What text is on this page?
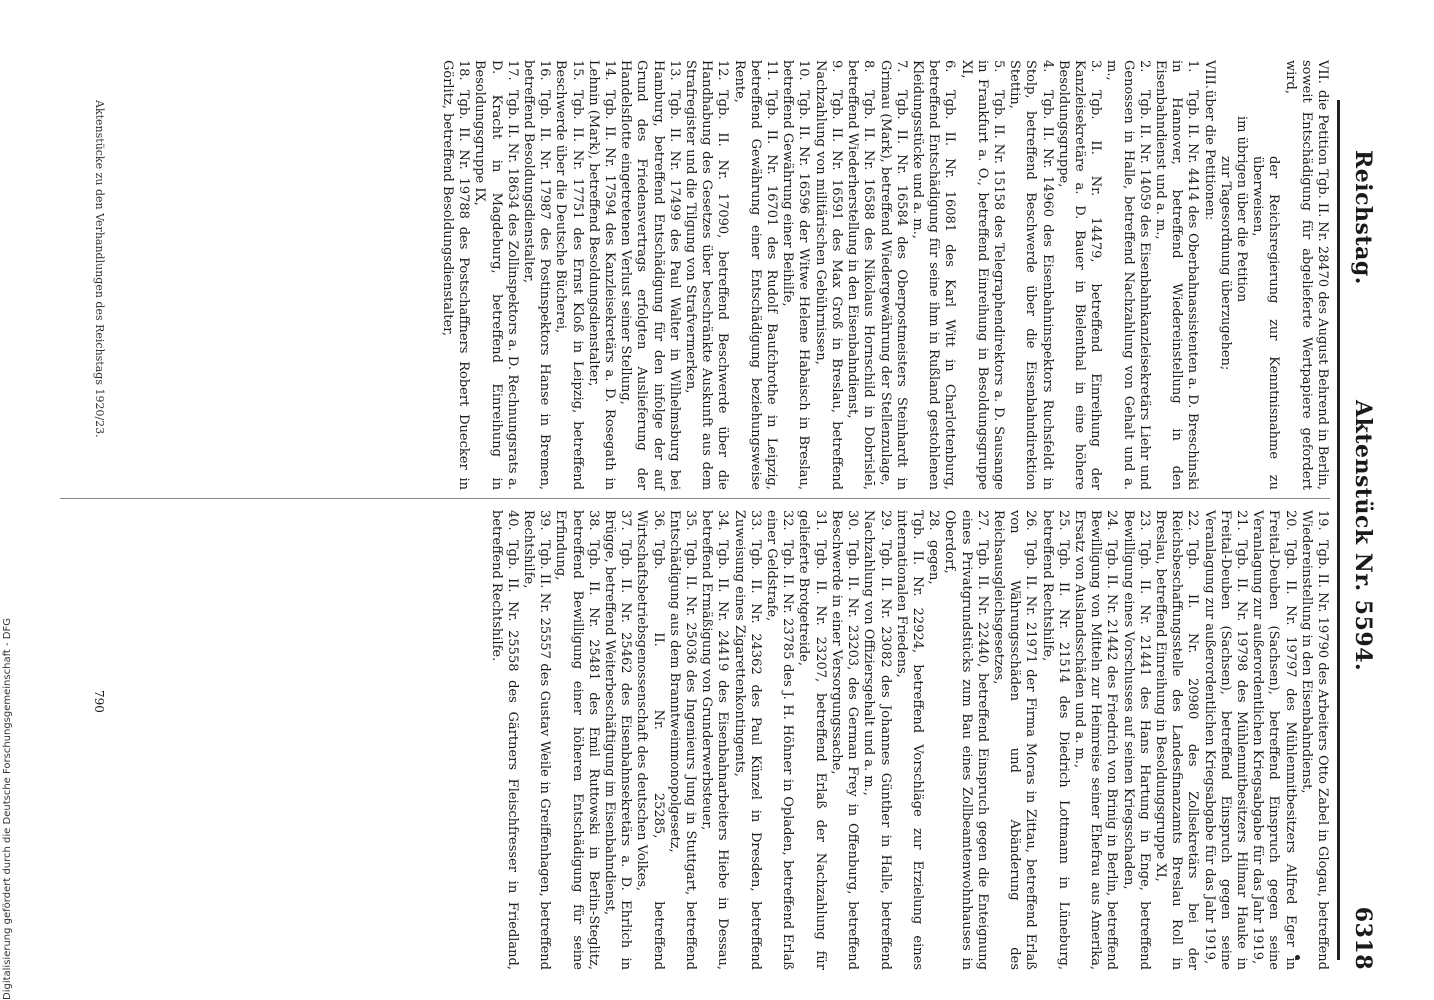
Reichstag.
Aktenstück Nr. 5594.
6318

VII.die Petition Tgb. II. Nr. 28470 des August Behrend in Berlin, soweit Entschädigung für abgelieferte Wertpapiere gefordert wird,

der Reichsregierung zur Kenntnisnahme zu überweisen,

im übrigen über die Petition

zur Tagesordnung überzugehen;

VIII.über die Petitionen:

1.Tgb. II. Nr. 4414 des Oberbahnassistenten a. D. Breschinski in Hannover, betreffend Wiedereinstellung in den Eisenbahndienst und a. m.,

2.Tgb. II. Nr. 14059 des Eisenbahnkanzleisekretärs Liehr und Genossen in Halle, betreffend Nachzahlung von Gehalt und a. m.,

3.Tgb. II. Nr. 14479, betreffend Einreihung der Kanzleisekretäre a. D. Bauer in Bielenthal in eine höhere Besoldungsgruppe,

4.Tgb. II. Nr. 14960 des Eisenbahninspektors Ruchsfeldt in Stolp, betreffend Beschwerde über die Eisenbahndirektion Stettin,

5.Tgb. II. Nr. 15158 des Telegraphendirektors a. D. Sausange in Frankfurt a. O., betreffend Einreihung in Besoldungsgruppe XI,

6.Tgb. II. Nr. 16081 des Karl Witt in Charlottenburg, betreffend Entschädigung für seine ihm in Rußland gestohlenen Kleidungsstücke und a. m.,

7.Tgb. II. Nr. 16584 des Oberpostmeisters Steinhardt in Grimau (Mark), betreffend Wiedergewährung der Stellenzulage,

8.Tgb. II. Nr. 16588 des Nikolaus Hornschild in Dobrisleī, betreffend Wiederherstellung in den Eisenbahndienst,

9.Tgb. II. Nr. 16591 des Max Groß in Breslau, betreffend Nachzahlung von militärischen Gebührnissen,

10.Tgb. II. Nr. 16596 der Witwe Helene Habaisch in Breslau, betreffend Gewährung einer Beihilfe,

11.Tgb. II. Nr. 16701 des Rudolf Baufchrothe in Leipzig, betreffend Gewährung einer Entschädigung beziehungsweise Rente,

12.Tgb. II. Nr. 17090, betreffend Beschwerde über die Handhabung des Gesetzes über beschränkte Auskunft aus dem Strafregister und die Tilgung von Strafvermerken,

13.Tgb. II. Nr. 17499 des Paul Walter in Wilhelmsburg bei Hamburg, betreffend Entschädigung für den infolge der auf Grund des Friedensvertrags erfolgten Auslieferung der Handelsflotte eingetretenen Verlust seiner Stellung,

14.Tgb. II. Nr. 17594 des Kanzleisekretärs a. D. Rosegath in Lehnin (Mark), betreffend Besoldungsdienstalter,

15.Tgb. II. Nr. 17751 des Ernst Kloß in Leipzig, betreffend Beschwerde über die Deutsche Bücherei,

16.Tgb. II. Nr. 17987 des Postinspektors Hanse in Bremen, betreffend Besoldungsdienstalter,

17.Tgb. II. Nr. 18634 des Zollinspektors a. D. Rechnungsrats a. D. Kracht in Magdeburg, betreffend Einreihung in Besoldungsgruppe IX,

18.Tgb. II. Nr. 19788 des Postschaffners Robert Duecker in Görlitz, betreffend Besoldungsdienstalter,

19.Tgb. II. Nr. 19790 des Arbeiters Otto Zabel in Glogau, betreffend Wiedereinstellung in den Eisenbahndienst,

20.Tgb. II. Nr. 19797 des Mühlenmitbesitzers Alfred Eger in Freital-Deuben (Sachsen), betreffend Einspruch gegen seine Veranlagung zur außerordentlichen Kriegsabgabe für das Jahr 1919,

21.Tgb. II. Nr. 19798 des Mühlenmitbesitzers Hilmar Hauke in Freital-Deuben (Sachsen), betreffend Einspruch gegen seine Veranlagung zur außerordentlichen Kriegsabgabe für das Jahr 1919,

22.Tgb. II. Nr. 20980 des Zollsekretärs bei der Reichsbeschaffungsstelle des Landesfinanzamts Breslau Roll in Breslau, betreffend Einreihung in Besoldungsgruppe XI,

23.Tgb. II. Nr. 21441 des Hans Hartung in Enge, betreffend Bewilligung eines Vorschusses auf seinen Kriegsschaden,

24.Tgb. II. Nr. 21442 des Friedrich von Brinig in Berlin, betreffend Bewilligung von Mitteln zur Heimreise seiner Ehefrau aus Amerika, Ersatz von Auslandsschäden und a. m.,

25.Tgb. II. Nr. 21514 des Diedrich Lottmann in Lüneburg, betreffend Rechtshilfe,

26.Tgb. II. Nr. 21971 der Firma Moras in Zittau, betreffend Erlaß von Währungsschäden und Abänderung des Reichsausgleichsgesetzes,

27.Tgb. II. Nr. 22440, betreffend Einspruch gegen die Enteignung eines Privatgrundstücks zum Bau eines Zollbeamtenwohnhauses in Oberdorf,

28.gegen,

Tgb. II. Nr. 22924, betreffend Vorschläge zur Erzielung eines internationalen Friedens,

29.Tgb. II. Nr. 23082 des Johannes Günther in Halle, betreffend Nachzahlung von Offiziersgehalt und a. m.,

30.Tgb. II. Nr. 23203, des German Frey in Offenburg, betreffend Beschwerde in einer Versorgungssache,

31.Tgb. II. Nr. 23207, betreffend Erlaß der Nachzahlung für gelieferte Brotgetreide,

32.Tgb. II. Nr. 23785 des J. H. Höhner in Opladen, betreffend Erlaß einer Geldstrafe,

33.Tgb. II. Nr. 24362 des Paul Künzel in Dresden, betreffend Zuweisung eines Zigarettenkontingents,

34.Tgb. II. Nr. 24419 des Eisenbahnarbeiters Hiebe in Dessau, betreffend Ermäßigung von Grunderwerbsteuer,

35.Tgb. II. Nr. 25036 des Ingenieurs Jung in Stuttgart, betreffend Entschädigung aus dem Branntweinmonopolgesetz,

36.Tgb. II. Nr. 25285, betreffend Wirtschaftsbetriebsgenossenschaft des deutschen Volkes,

37.Tgb. II. Nr. 25462 des Eisenbahnsekretärs a. D. Ehrlich in Brügge, betreffend Weiterbeschäftigung im Eisenbahndienst,

38.Tgb. II. Nr. 25481 des Emil Ruttowski in Berlin-Steglitz, betreffend Bewilligung einer höheren Entschädigung für seine Erfindung,

39.Tgb. II. Nr. 25557 des Gustav Weile in Greiffenhagen, betreffend Rechtshilfe,

40.Tgb. II. Nr. 25558 des Gärtners Fleischfresser in Friedland, betreffend Rechtshilfe.

Aktenstücke zu den Verhandlungen des Reichstags 1920/23.
790
Digitalisierung gefördert durch die Deutsche Forschungsgemeinschaft - DFG
